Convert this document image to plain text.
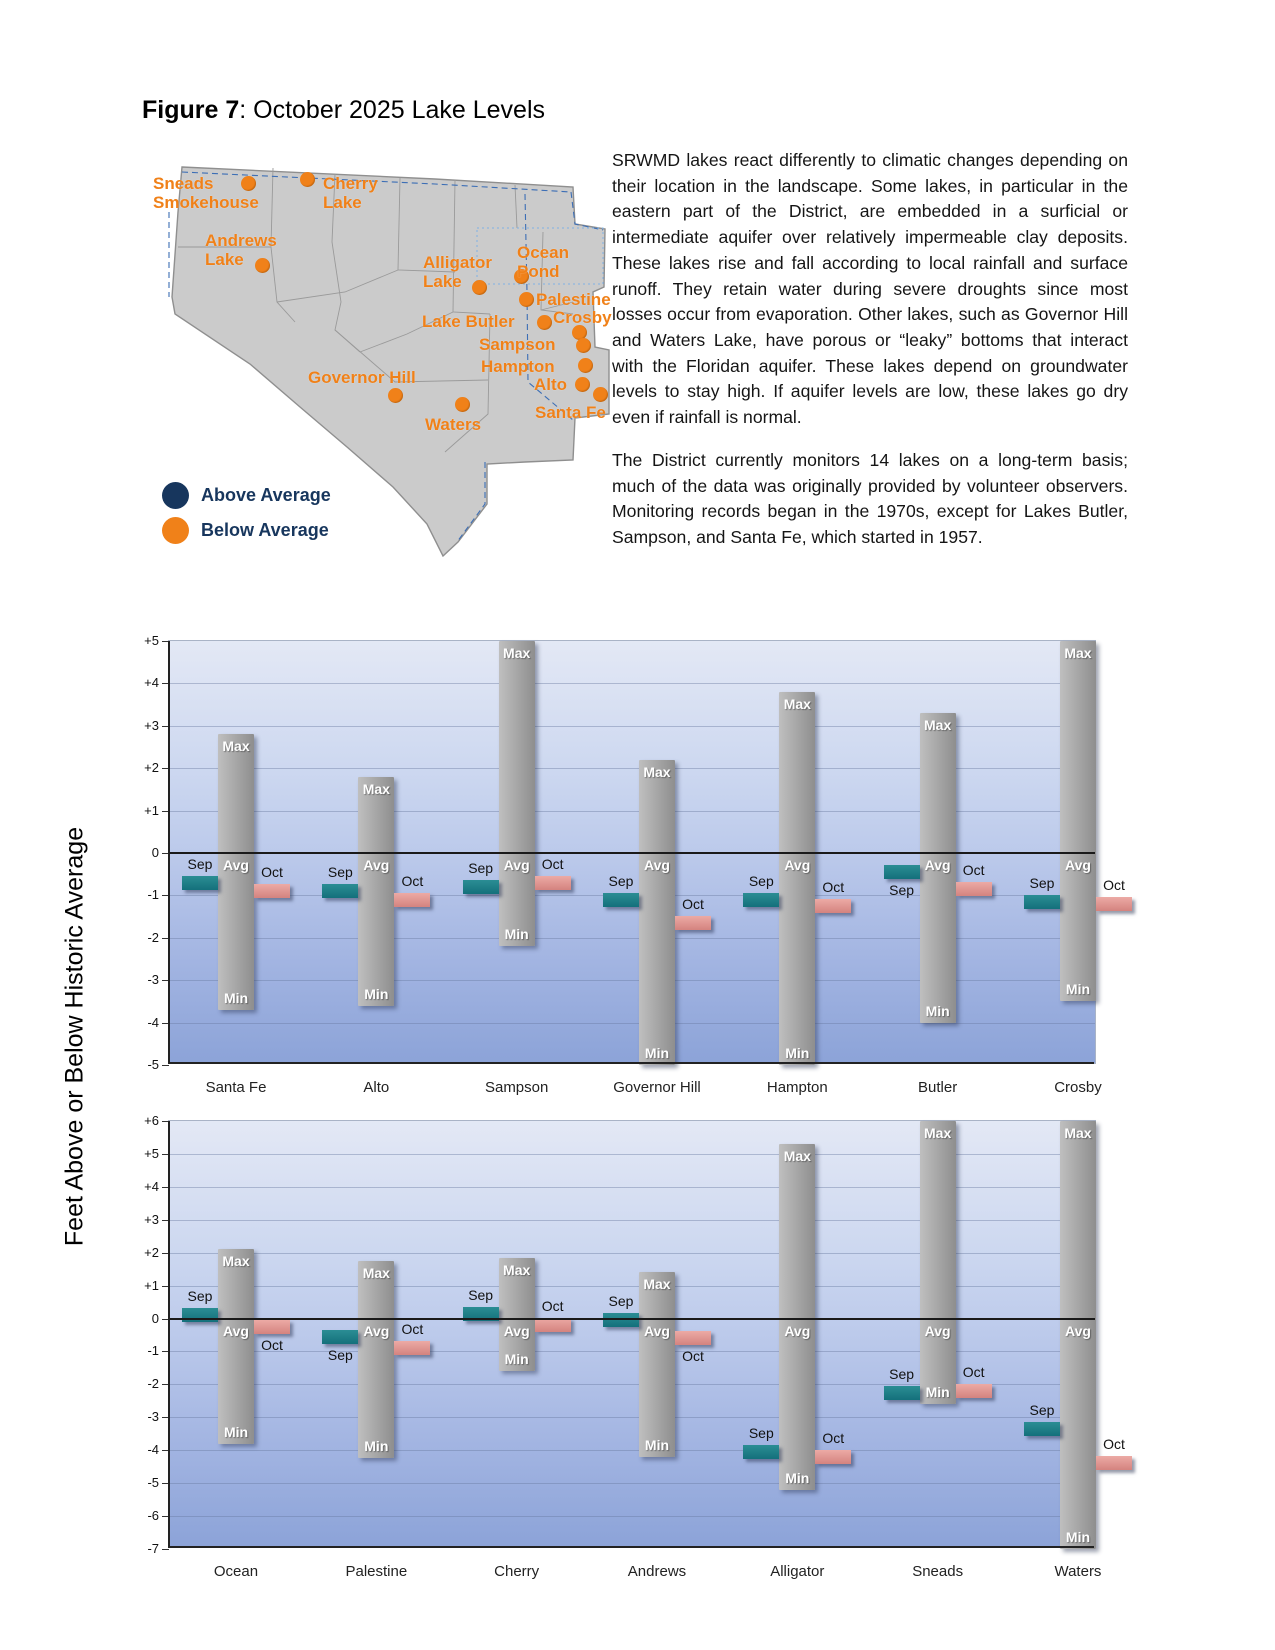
Figure 7: October 2025 Lake Levels
Sneads
Smokehouse
Cherry
Lake
Andrews
Lake	Alligator
Lake
Ocean
Pond
Palestine
Lake Butler Crosby
Sampson
Hampton
Alto
Santa Fe
Governor Hill
Waters
Above Average
Below Average
SRWMD lakes react differently to climatic changes depending on their location in the landscape. Some lakes, in particular in the eastern part of the District, are embedded in a surficial or intermediate aquifer over relatively impermeable clay deposits. These lakes rise and fall according to local rainfall and surface runoff. They retain water during severe droughts since most losses occur from evaporation. Other lakes, such as Governor Hill and Waters Lake, have porous or “leaky” bottoms that interact with the Floridan aquifer. These lakes depend on groundwater levels to stay high. If aquifer levels are low, these lakes go dry even if rainfall is normal.
The District currently monitors 14 lakes on a long-term basis; much of the data was originally provided by volunteer observers. Monitoring records began in the 1970s, except for Lakes Butler, Sampson, and Santa Fe, which started in 1957.
Feet Above or Below Historic Average
+5
+4
+3
+2
+1
0
-1
-2
-3
-4
-5
Max
Avg
Min
Sep
Oct
Santa Fe
Max
Avg
Min
Sep
Oct
Alto
Max
Avg
Min
Sep	Oct
Sampson
Max
Avg
Min
Sep
Oct
Governor Hill
Max
Avg
Min
Sep	Oct
Hampton
Max
Avg
Min
Sep
Oct
Butler
Max
Avg
Min
Sep	Oct
Crosby
+6
+5
+4
+3
+2
+1
0
-1
-2
-3
-4
-5
-6
-7
Max
Avg
Min
Sep
Oct
Ocean
Max
Avg
Min
Sep
Oct
Palestine
Max
Avg
Min
Sep
Oct
Cherry
Max
Avg
Min
Sep
Oct
Andrews
Max
Avg
Min
Sep	Oct
Alligator
Max
Avg
Min
Sep	Oct
Sneads
Max
Avg
Min
Sep
Oct
Waters
